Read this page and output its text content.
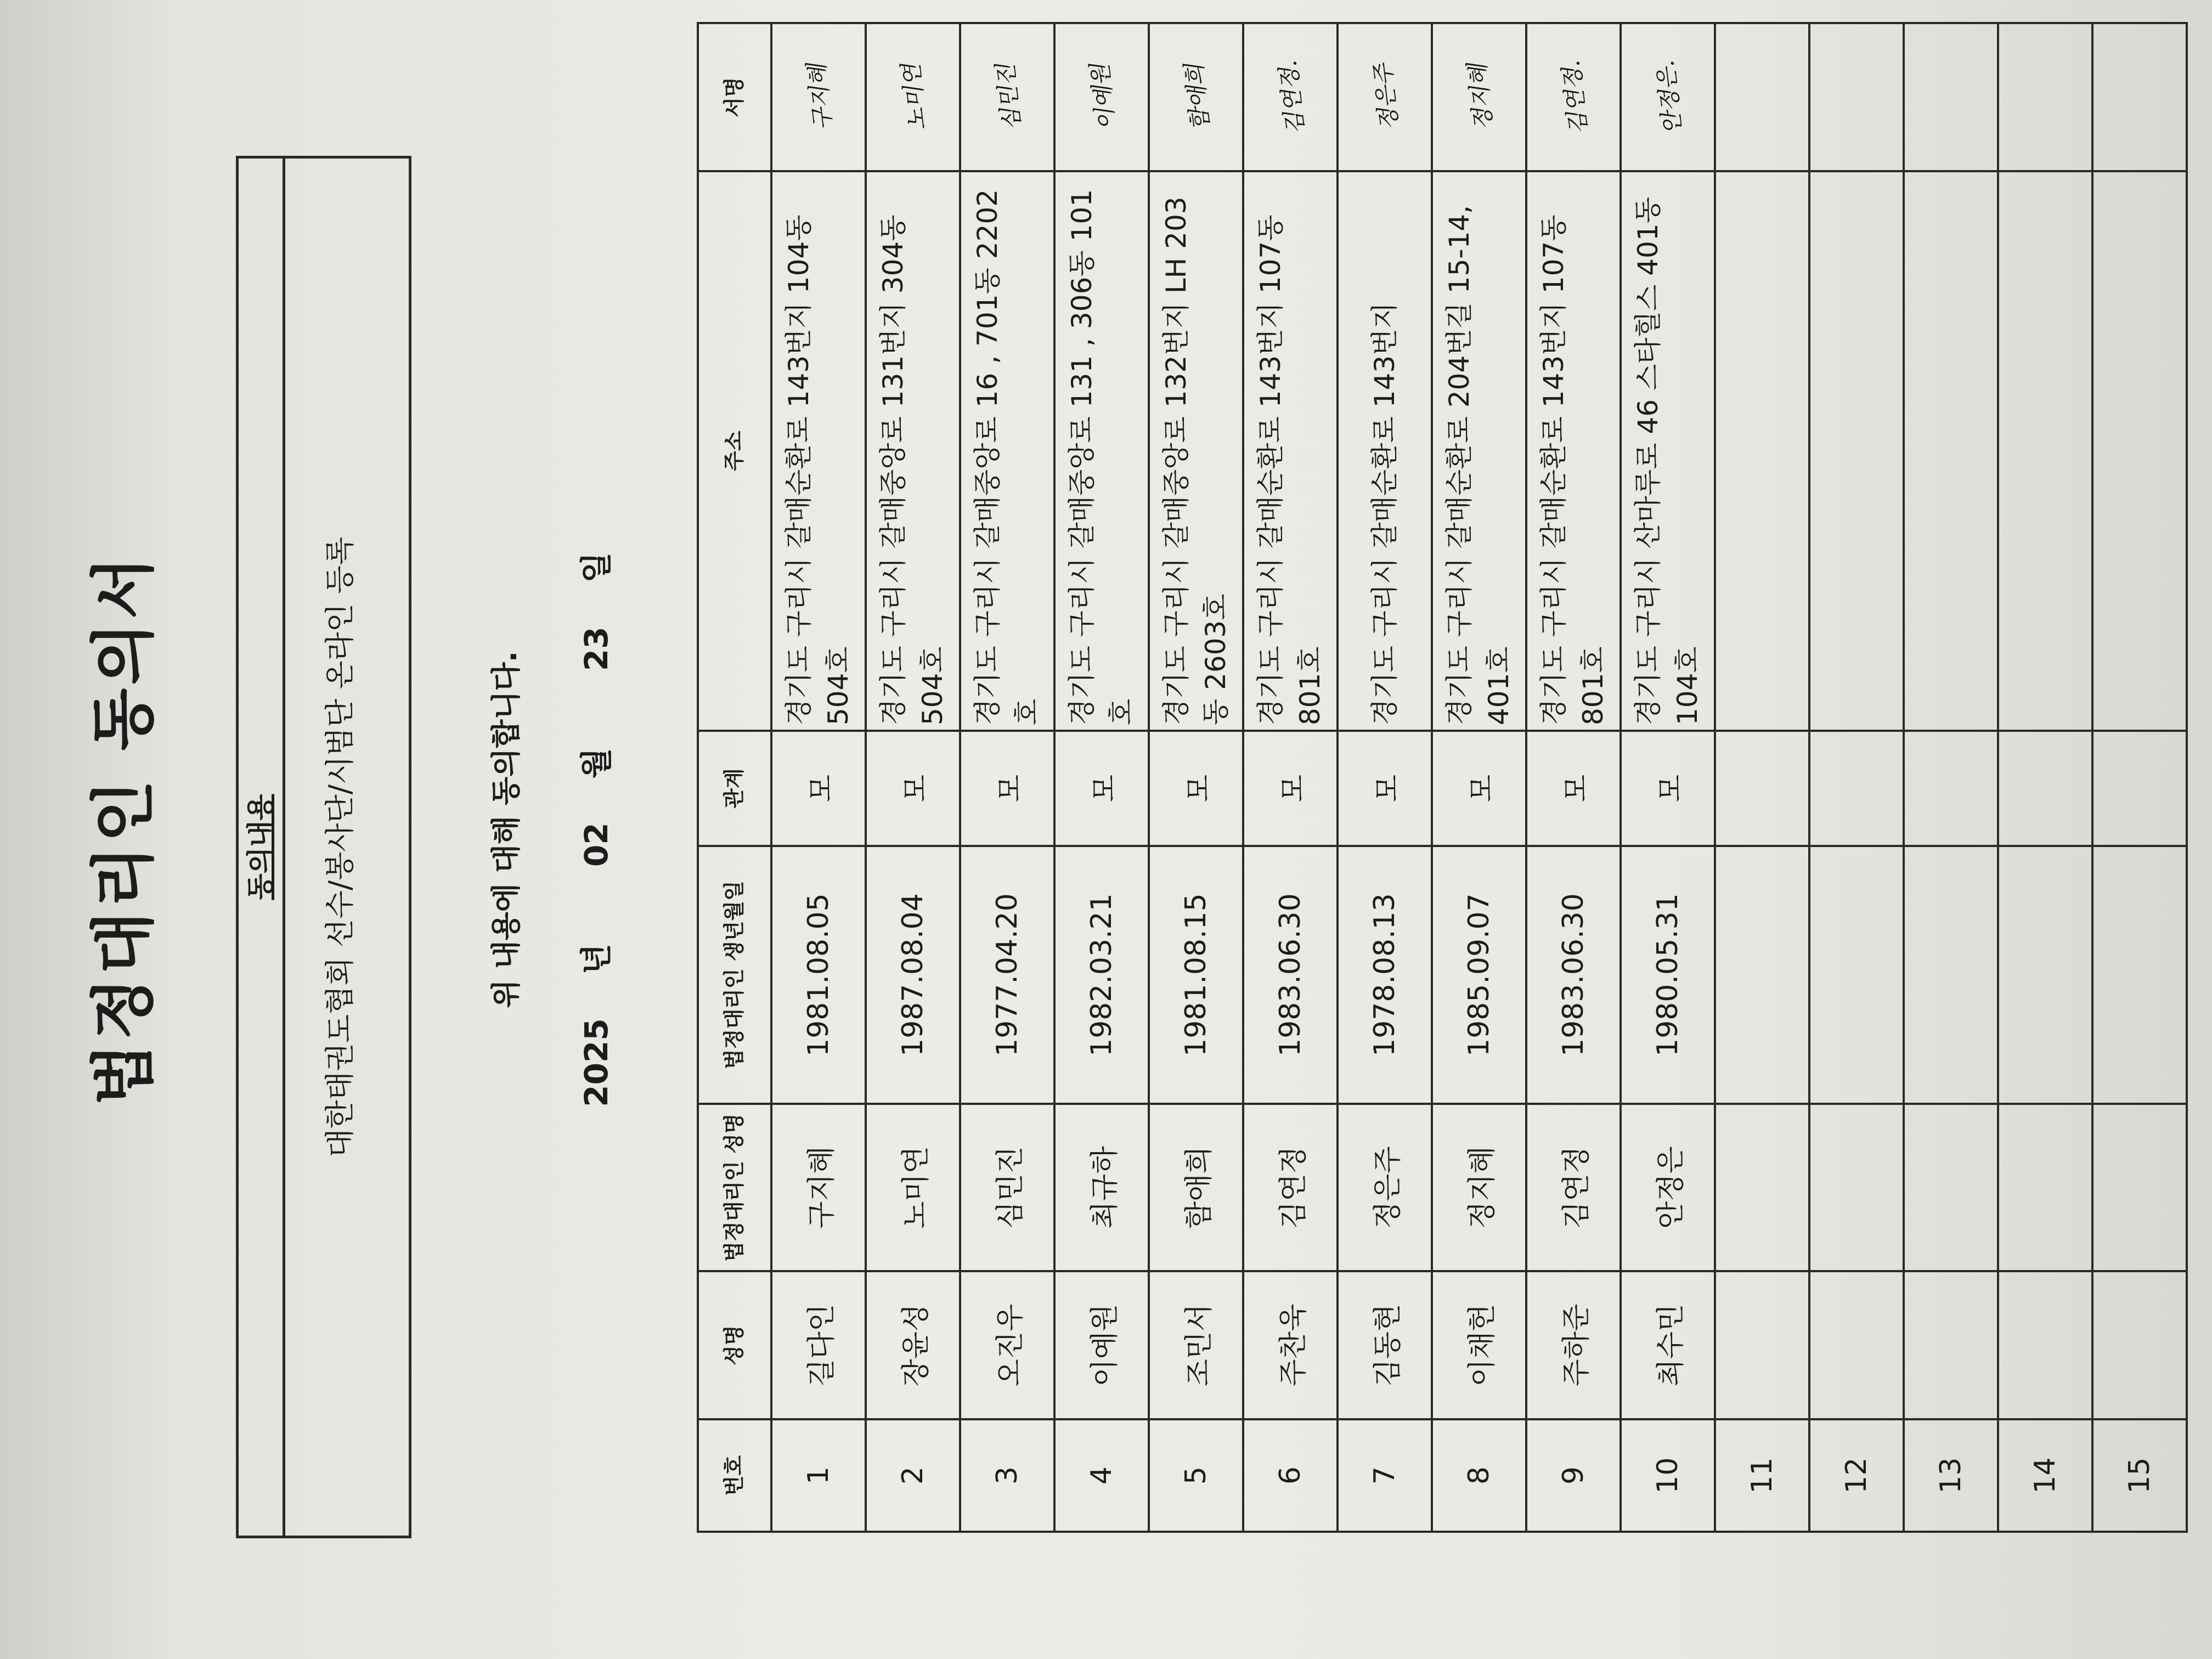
법정대리인 동의서	동의내용	대한태권도협회 선수/봉사단/시범단 온라인 등록	위 내용에 대해 동의합니다.
2025년 02월 23일
번호	성명	법정대리인 성명	법정대리인 생년월일	관계	주소	서명
1	길다인	구지혜	1981.08.05	모	경기도 구리시 갈매순환로 143번지 104동 504호	구지혜
2	장윤성	노미연	1987.08.04	모	경기도 구리시 갈매중앙로 131번지 304동 504호	노미연
3	오진우	심민진	1977.04.20	모	경기도 구리시 갈매중앙로 16 , 701동 2202호	심민진
4	이예원	최규하	1982.03.21	모	경기도 구리시 갈매중앙로 131 , 306동 101호	이예원
5	조민서	함애희	1981.08.15	모	경기도 구리시 갈매중앙로 132번지 LH 203동 2603호	함애희
6	주찬욱	김연정	1983.06.30	모	경기도 구리시 갈매순환로 143번지 107동 801호	김연정.
7	김동현	정은주	1978.08.13	모	경기도 구리시 갈매순환로 143번지	정은주
8	이채헌	정지혜	1985.09.07	모	경기도 구리시 갈매순환로 204번길 15-14, 401호	정지혜
9	주하준	김연정	1983.06.30	모	경기도 구리시 갈매순환로 143번지 107동 801호	김연정.
10	최수민	안정은	1980.05.31	모	경기도 구리시 산마루로 46 스타힐스 401동 104호	안정은.
11						
12						
13						
14						
15						
